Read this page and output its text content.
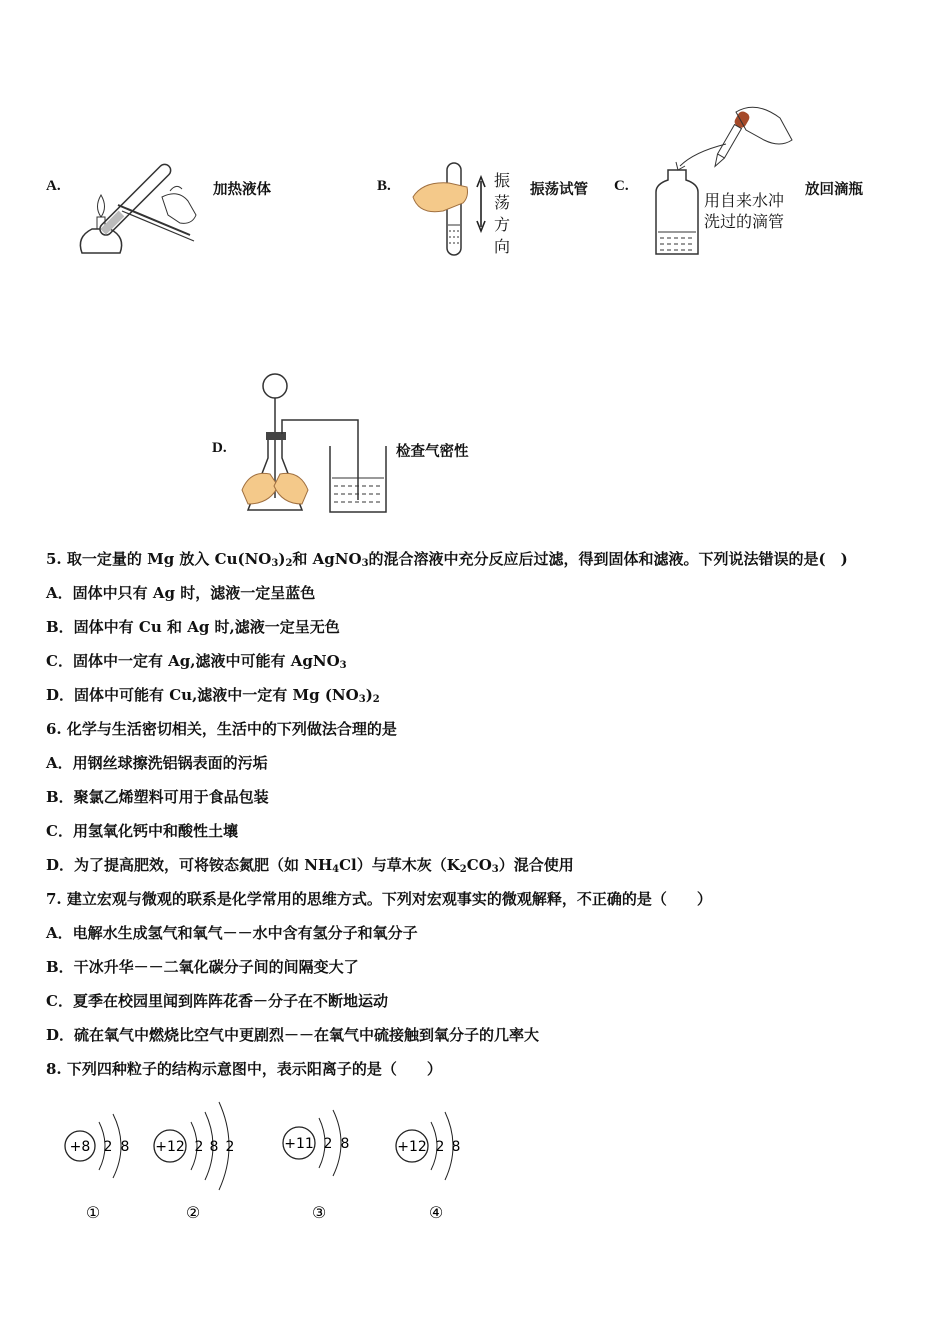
A.	加热液体	B.	振
荡
方
向
振荡试管 C.
用自来水冲
洗过的滴管
放回滴瓶
D.	检查气密性
5. 取一定量的 Mg 放入 $Cu(NO_3)_2$和 AgNO$_3$的混合溶液中充分反应后过滤，得到固体和滤液。下列说法错误的是(　)
A．固体中只有 Ag 时，滤液一定呈蓝色
B．固体中有 Cu 和 Ag 时,滤液一定呈无色
C．固体中一定有 Ag,滤液中可能有 AgNO$_3$
D．固体中可能有 Cu,滤液中一定有 Mg $(NO_3)_2$
6. 化学与生活密切相关，生活中的下列做法合理的是
A．用钢丝球擦洗铝锅表面的污垢
B．聚氯乙烯塑料可用于食品包装
C．用氢氧化钙中和酸性土壤
D．为了提高肥效，可将铵态氮肥（如 $NH_4Cl$）与草木灰$(K_2CO_3)$混合使用
7. 建立宏观与微观的联系是化学常用的思维方式。下列对宏观事实的微观解释，不正确的是（　　）
A．电解水生成氢气和氧气－－水中含有氢分子和氧分子
B．干冰升华－－二氧化碳分子间的间隔变大了
C．夏季在校园里闻到阵阵花香－分子在不断地运动
D．硫在氧气中燃烧比空气中更剧烈－－在氧气中硫接触到氧分子的几率大
8. 下列四种粒子的结构示意图中，表示阳离子的是（　　）
+8 2 8
①
+12 2 8 2
②
+11 2 8
③
+12 2 8
④
